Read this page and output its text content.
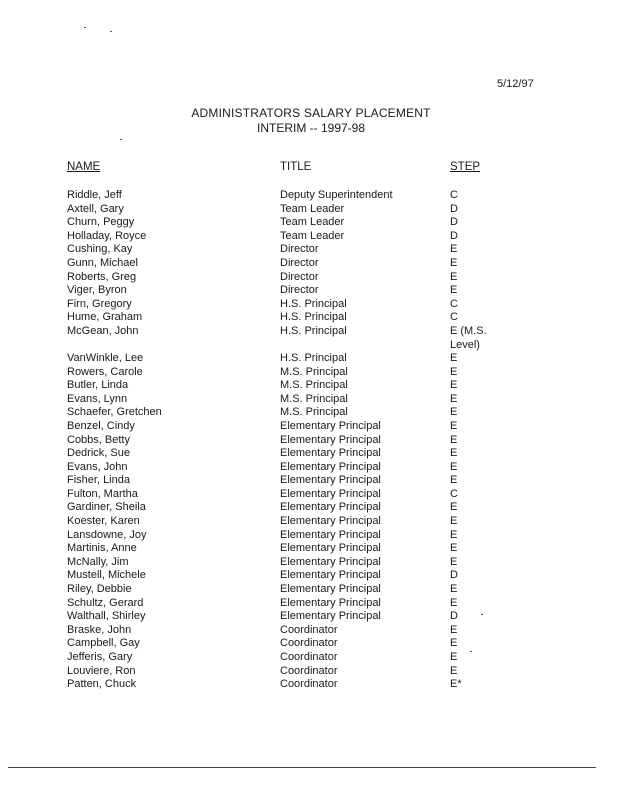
5/12/97
ADMINISTRATORS SALARY PLACEMENT
INTERIM -- 1997-98
NAME	TITLE	STEP
Riddle, Jeff	Deputy Superintendent	C
Axtell, Gary	Team Leader	D
Churn, Peggy	Team Leader	D
Holladay, Royce	Team Leader	D
Cushing, Kay	Director	E
Gunn, Michael	Director	E
Roberts, Greg	Director	E
Viger, Byron	Director	E
Firn, Gregory	H.S. Principal	C
Hume, Graham	H.S. Principal	C
McGean, John	H.S. Principal	E (M.S. Level)
VanWinkle, Lee	H.S. Principal	E
Rowers, Carole	M.S. Principal	E
Butler, Linda	M.S. Principal	E
Evans, Lynn	M.S. Principal	E
Schaefer, Gretchen	M.S. Principal	E
Benzel, Cindy	Elementary Principal	E
Cobbs, Betty	Elementary Principal	E
Dedrick, Sue	Elementary Principal	E
Evans, John	Elementary Principal	E
Fisher, Linda	Elementary Principal	E
Fulton, Martha	Elementary Principal	C
Gardiner, Sheila	Elementary Principal	E
Koester, Karen	Elementary Principal	E
Lansdowne, Joy	Elementary Principal	E
Martinis, Anne	Elementary Principal	E
McNally, Jim	Elementary Principal	E
Mustell, Michele	Elementary Principal	D
Riley, Debbie	Elementary Principal	E
Schultz, Gerard	Elementary Principal	E
Walthall, Shirley	Elementary Principal	D
Braske, John	Coordinator	E
Campbell, Gay	Coordinator	E
Jefferis, Gary	Coordinator	E
Louviere, Ron	Coordinator	E
Patten, Chuck	Coordinator	E*
